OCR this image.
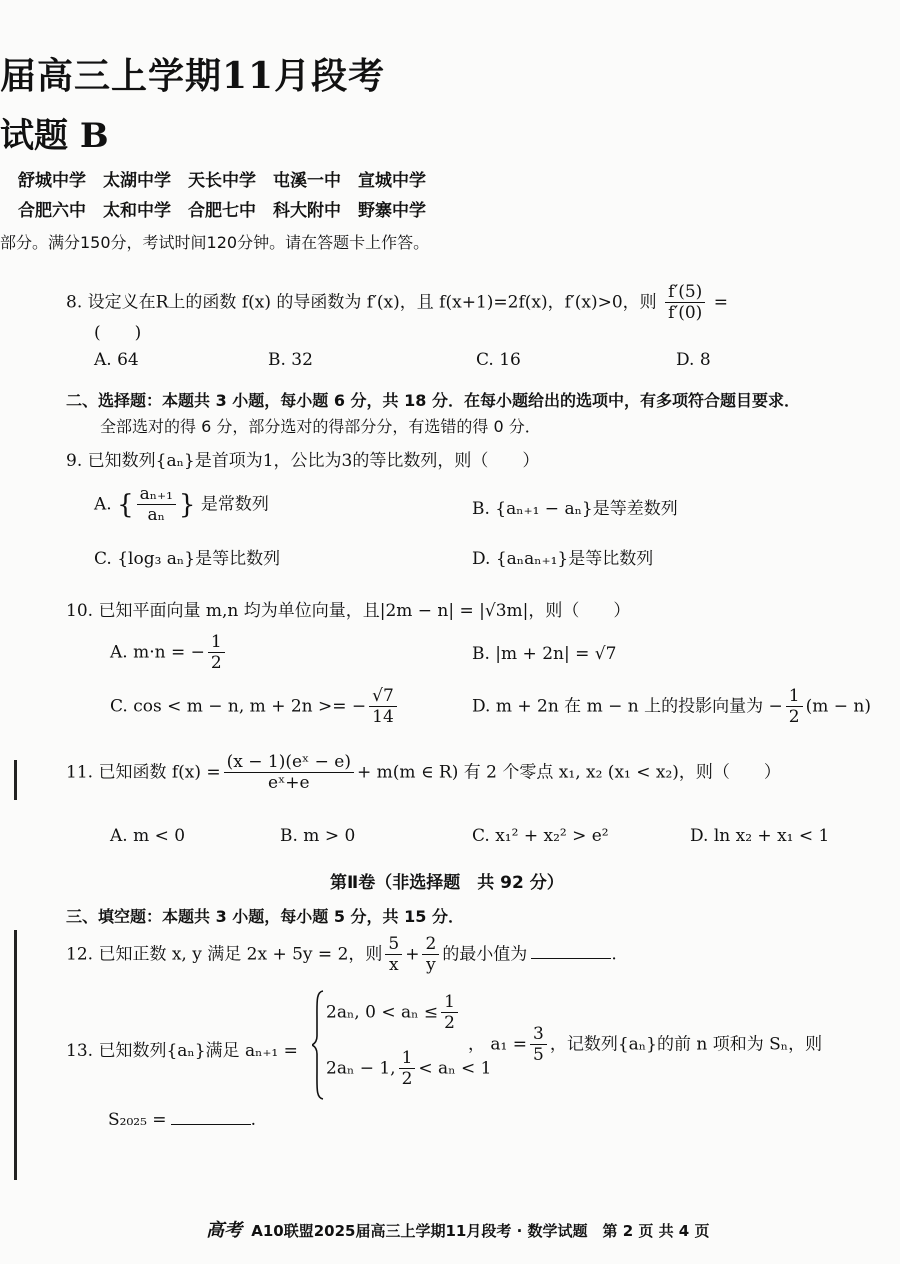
届高三上学期11月段考
试题 B
舒城中学　太湖中学　天长中学　屯溪一中　宣城中学
合肥六中　太和中学　合肥七中　科大附中　野寨中学
部分。满分150分，考试时间120分钟。请在答题卡上作答。
8. 设定义在R上的函数 f(x) 的导函数为 f′(x)，且 f(x+1)=2f(x)，f′(x)>0，则 $\frac{f'(5)}{f'(0)}$ =
(　　)
A. 64	B. 32	C. 16	D. 8
二、选择题：本题共 3 小题，每小题 6 分，共 18 分．在每小题给出的选项中，有多项符合题目要求．
全部选对的得 6 分，部分选对的得部分分，有选错的得 0 分．
9. 已知数列{aₙ}是首项为1，公比为3的等比数列，则（　　）
A. { $\frac{\text{aₙ₊₁}}{\text{aₙ}}$ } 是常数列	B. {aₙ₊₁ − aₙ}是等差数列
C. {log₃ aₙ}是等比数列	D. {aₙaₙ₊₁}是等比数列
10. 已知平面向量 m,n 均为单位向量，且|2m − n| = |√3m|，则（　　）
A. m·n = − $\frac{1}{2}$	B. |m + 2n| = √7
C. cos < m − n, m + 2n >= − $\frac{√7}{14}$	D. m + 2n 在 m − n 上的投影向量为 − $\frac{1}{2} (m - n)$
11. 已知函数 $f(x) = \frac{\text{(x − 1)(eˣ − e)}}{\text{eˣ+e}} + m(m$ ∈ R) 有 2 个零点 x₁, x₂ (x₁ < x₂)，则（　　）
A. m < 0	B. m > 0	C. x₁² + x₂² > e²	D. ln x₂ + x₁ < 1
第Ⅱ卷（非选择题　共 92 分）
三、填空题：本题共 3 小题，每小题 5 分，共 15 分．
12. 已知正数 x, y 满足 2x + 5y = 2，则 $\frac{5}{x} + \frac{2}{y}$ 的最小值为	.
13. 已知数列{aₙ}满足 aₙ₊₁ =
2aₙ, $0 < a_n \le \frac{1}{2}$
2aₙ − 1, $\frac{1}{2} < a_n < 1$
， $a_1 = \frac{3}{5}$ ，记数列{aₙ}的前 n 项和为 Sₙ，则
S₂₀₂₅ =	.
高考 A10联盟2025届高三上学期11月段考 · 数学试题　第 2 页 共 4 页
